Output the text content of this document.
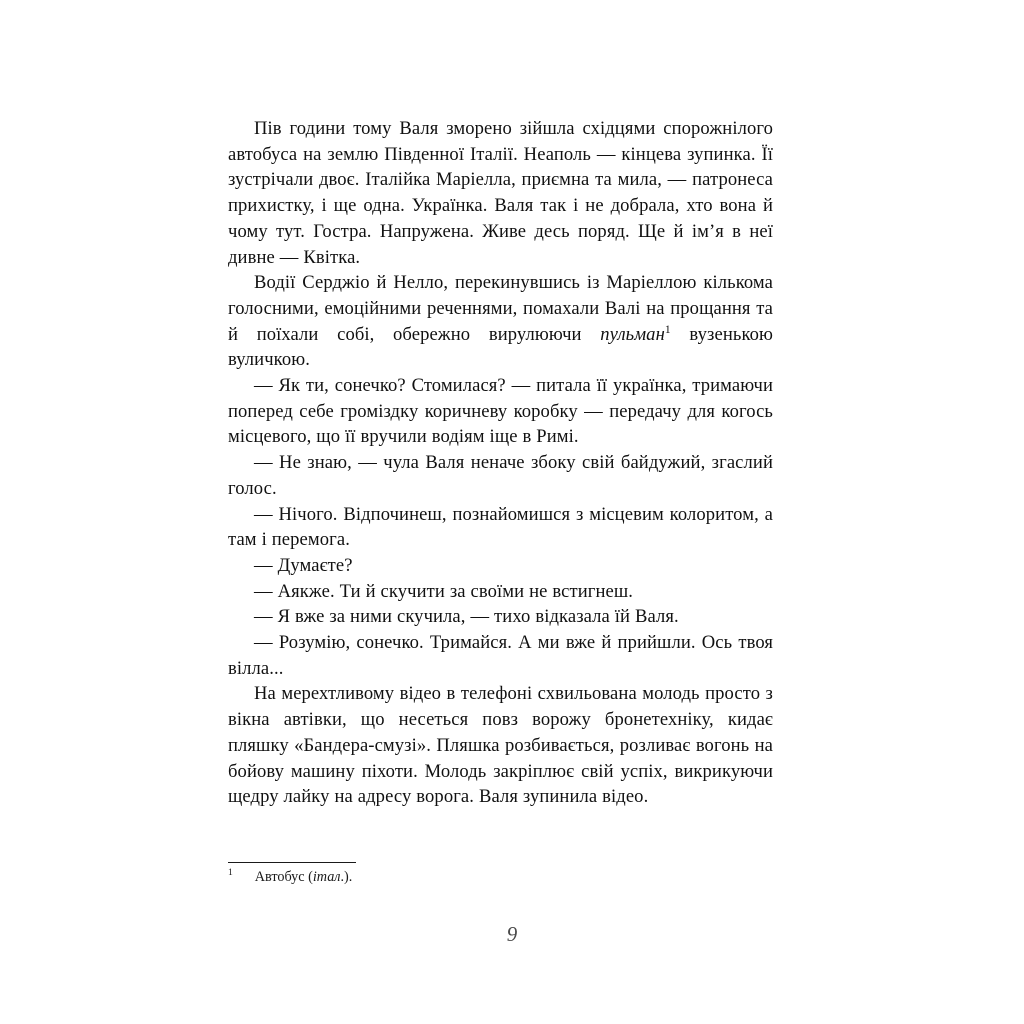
Пів години тому Валя зморено зійшла східцями спорожнілого автобуса на землю Південної Італії. Неаполь — кінцева зупинка. Її зустрічали двоє. Італійка Маріелла, приємна та мила, — патронеса прихистку, і ще одна. Українка. Валя так і не добрала, хто вона й чому тут. Гостра. Напружена. Живе десь поряд. Ще й ім’я в неї дивне — Квітка.

Водії Серджіо й Нелло, перекинувшись із Маріеллою кількома голосними, емоційними реченнями, помахали Валі на прощання та й поїхали собі, обережно вирулюючи пульман$^1$ вузенькою вуличкою.

— Як ти, сонечко? Стомилася? — питала її українка, тримаючи поперед себе громіздку коричневу коробку — передачу для когось місцевого, що її вручили водіям іще в Римі.

— Не знаю, — чула Валя неначе збоку свій байдужий, згаслий голос.

— Нічого. Відпочинеш, познайомишся з місцевим колоритом, а там і перемога.

— Думаєте?

— Аякже. Ти й скучити за своїми не встигнеш.

— Я вже за ними скучила, — тихо відказала їй Валя.

— Розумію, сонечко. Тримайся. А ми вже й прийшли. Ось твоя вілла...

На мерехтливому відео в телефоні схвильована молодь просто з вікна автівки, що несеться повз ворожу бронетехніку, кидає пляшку «Бандера-смузі». Пляшка розбивається, розливає вогонь на бойову машину піхоти. Молодь закріплює свій успіх, викрикуючи щедру лайку на адресу ворога. Валя зупинила відео.

$^1$ Автобус (італ.).
9
